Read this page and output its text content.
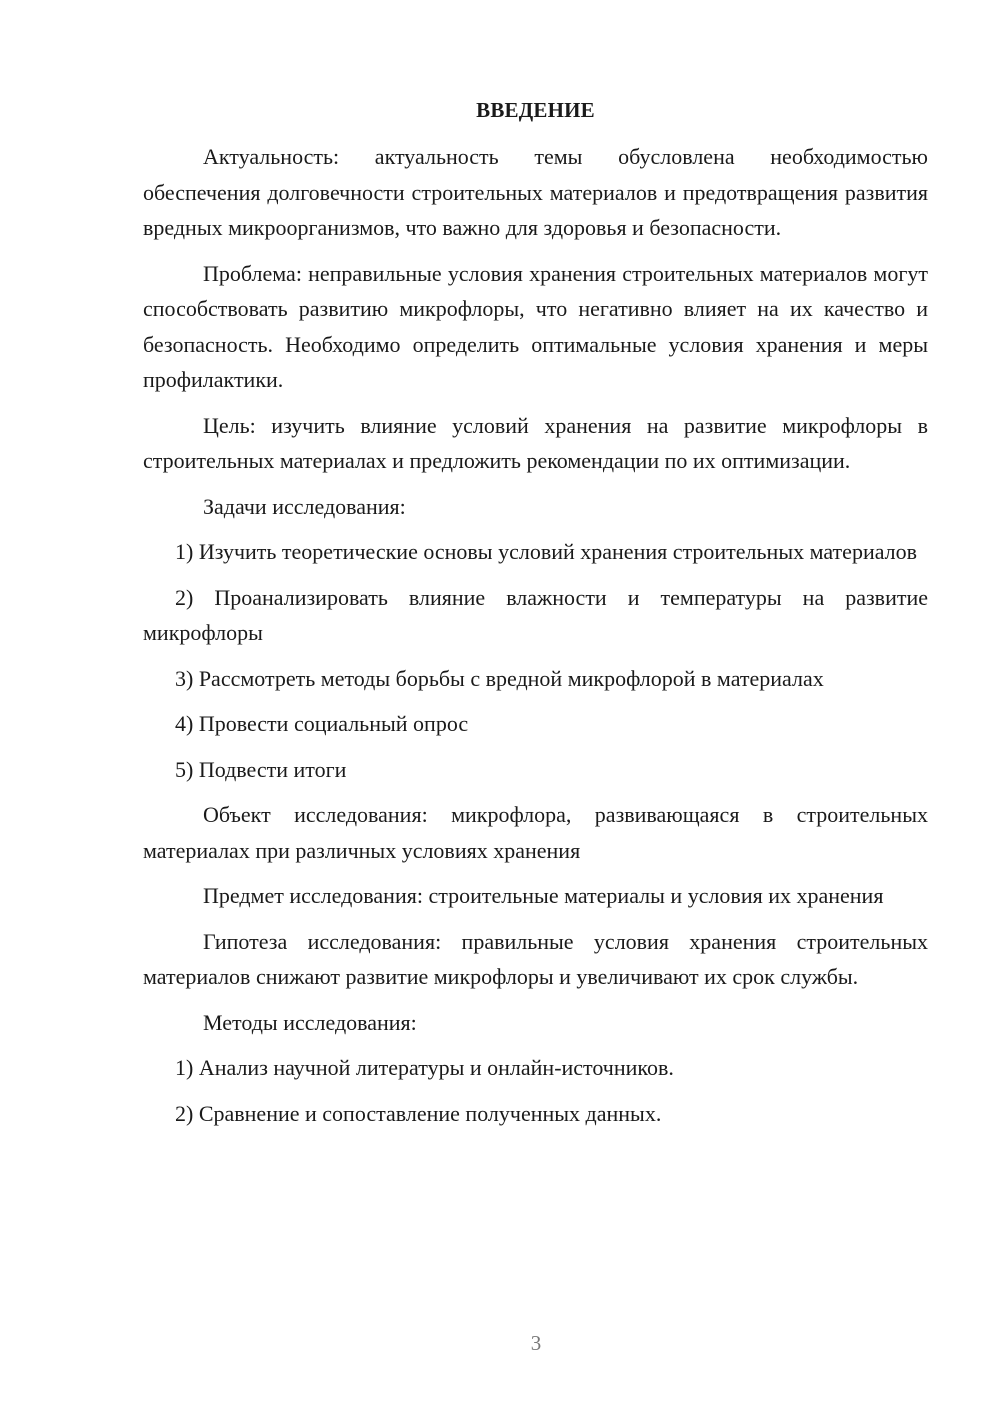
ВВЕДЕНИЕ

Актуальность: актуальность темы обусловлена необходимостью обеспечения долговечности строительных материалов и предотвращения развития вредных микроорганизмов, что важно для здоровья и безопасности.

Проблема: неправильные условия хранения строительных материалов могут способствовать развитию микрофлоры, что негативно влияет на их качество и безопасность. Необходимо определить оптимальные условия хранения и меры профилактики.

Цель: изучить влияние условий хранения на развитие микрофлоры в строительных материалах и предложить рекомендации по их оптимизации.

Задачи исследования:

1) Изучить теоретические основы условий хранения строительных материалов

2) Проанализировать влияние влажности и температуры на развитие микрофлоры

3) Рассмотреть методы борьбы с вредной микрофлорой в материалах

4) Провести социальный опрос

5) Подвести итоги

Объект исследования: микрофлора, развивающаяся в строительных материалах при различных условиях хранения

Предмет исследования: строительные материалы и условия их хранения

Гипотеза исследования: правильные условия хранения строительных материалов снижают развитие микрофлоры и увеличивают их срок службы.

Методы исследования:

1) Анализ научной литературы и онлайн-источников.

2) Сравнение и сопоставление полученных данных.

3
